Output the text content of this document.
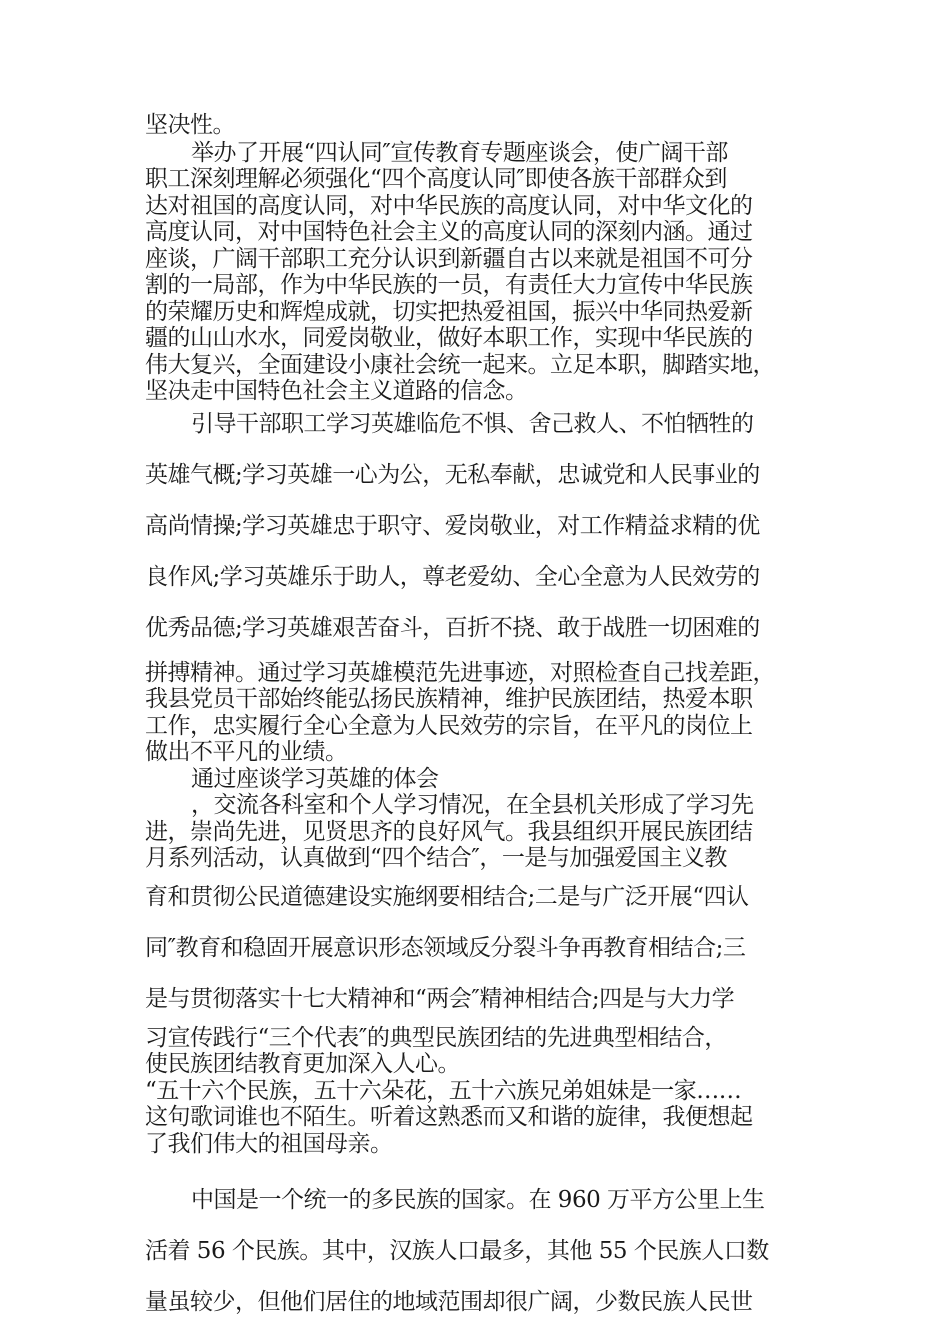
坚决性。
举办了开展“四认同″宣传教育专题座谈会，使广阔干部
职工深刻理解必须强化“四个高度认同″即使各族干部群众到
达对祖国的高度认同，对中华民族的高度认同，对中华文化的
高度认同，对中国特色社会主义的高度认同的深刻内涵。通过
座谈，广阔干部职工充分认识到新疆自古以来就是祖国不可分
割的一局部，作为中华民族的一员，有责任大力宣传中华民族
的荣耀历史和辉煌成就，切实把热爱祖国，振兴中华同热爱新
疆的山山水水，同爱岗敬业，做好本职工作，实现中华民族的
伟大复兴，全面建设小康社会统一起来。立足本职，脚踏实地，
坚决走中国特色社会主义道路的信念。
引导干部职工学习英雄临危不惧、舍己救人、不怕牺牲的
英雄气概;学习英雄一心为公，无私奉献，忠诚党和人民事业的
高尚情操;学习英雄忠于职守、爱岗敬业，对工作精益求精的优
良作风;学习英雄乐于助人，尊老爱幼、全心全意为人民效劳的
优秀品德;学习英雄艰苦奋斗，百折不挠、敢于战胜一切困难的
拼搏精神。通过学习英雄模范先进事迹，对照检查自己找差距，
我县党员干部始终能弘扬民族精神，维护民族团结，热爱本职
工作，忠实履行全心全意为人民效劳的宗旨，在平凡的岗位上
做出不平凡的业绩。
通过座谈学习英雄的体会
，交流各科室和个人学习情况，在全县机关形成了学习先
进，崇尚先进，见贤思齐的良好风气。我县组织开展民族团结
月系列活动，认真做到“四个结合″，一是与加强爱国主义教
育和贯彻公民道德建设实施纲要相结合;二是与广泛开展“四认
同″教育和稳固开展意识形态领域反分裂斗争再教育相结合;三
是与贯彻落实十七大精神和“两会″精神相结合;四是与大力学
习宣传践行“三个代表″的典型民族团结的先进典型相结合，
使民族团结教育更加深入人心。
“五十六个民族，五十六朵花，五十六族兄弟姐妹是一家……
这句歌词谁也不陌生。听着这熟悉而又和谐的旋律，我便想起
了我们伟大的祖国母亲。
中国是一个统一的多民族的国家。在 960 万平方公里上生
活着 56 个民族。其中，汉族人口最多，其他 55 个民族人口数
量虽较少，但他们居住的地域范围却很广阔，少数民族人民世
